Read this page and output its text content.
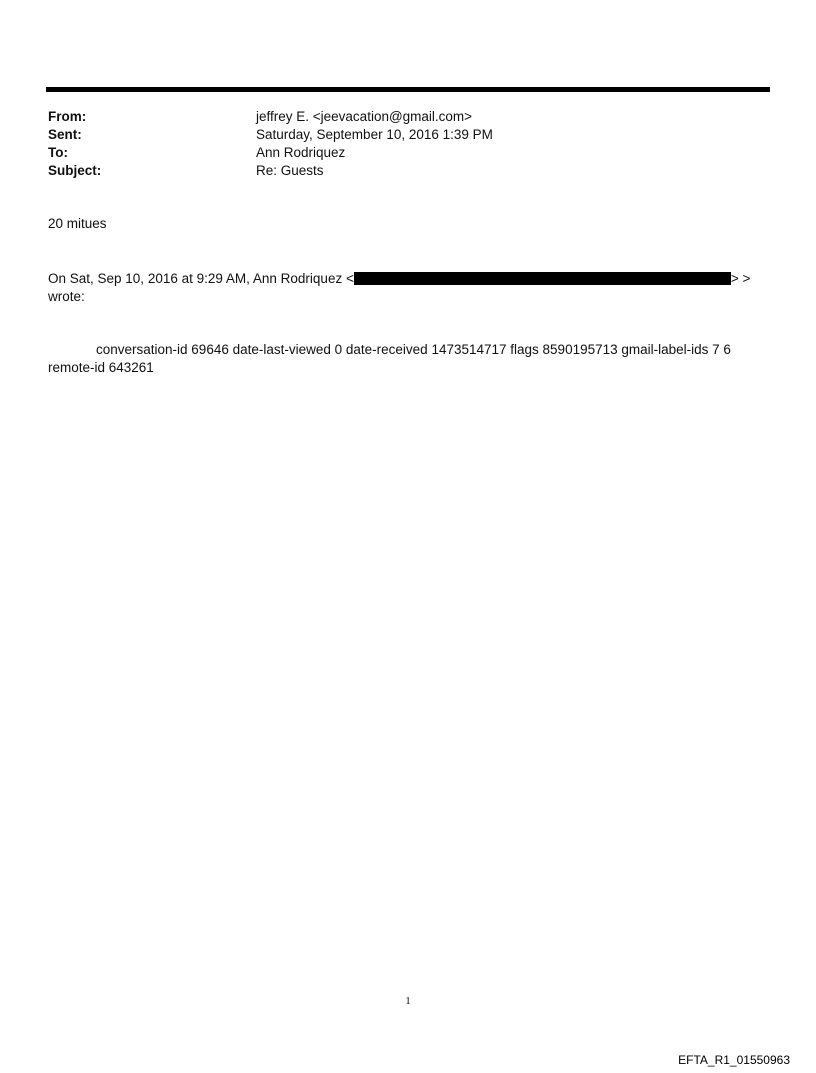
From:	jeffrey E. <jeevacation@gmail.com>
Sent:	Saturday, September 10, 2016 1:39 PM
To:	Ann Rodriquez
Subject:	Re: Guests
20 mitues
On Sat, Sep 10, 2016 at 9:29 AM, Ann Rodriquez <	> >
wrote:
conversation-id 69646 date-last-viewed 0 date-received 1473514717 flags 8590195713 gmail-label-ids 7 6 remote-id 643261
1
EFTA_R1_01550963
